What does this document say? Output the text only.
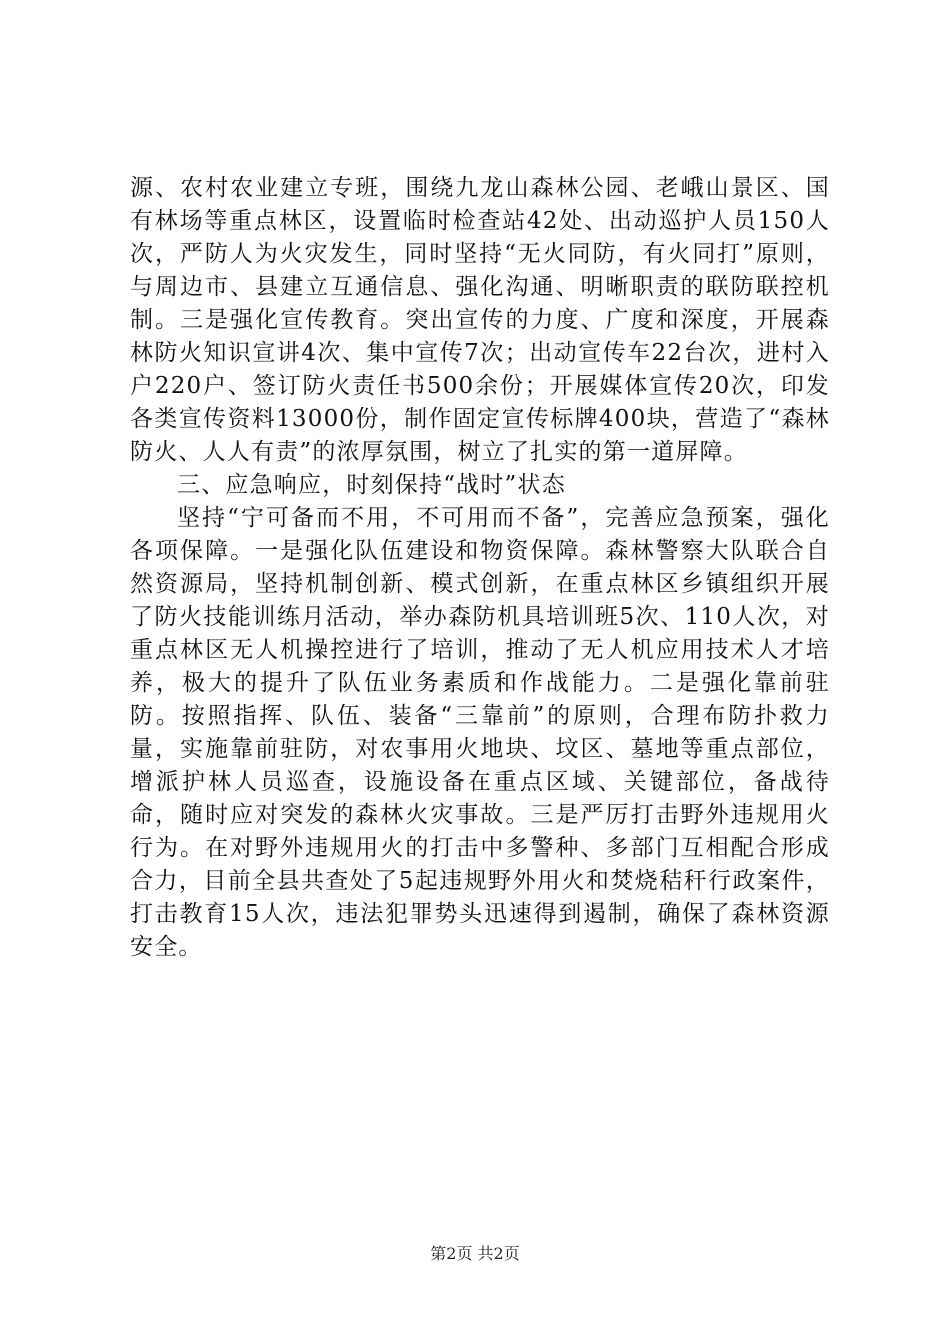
源、农村农业建立专班，围绕九龙山森林公园、老峨山景区、国有林场等重点林区，设置临时检查站42处、出动巡护人员150人次，严防人为火灾发生，同时坚持“无火同防，有火同打”原则，与周边市、县建立互通信息、强化沟通、明晰职责的联防联控机制。三是强化宣传教育。突出宣传的力度、广度和深度，开展森林防火知识宣讲4次、集中宣传7次；出动宣传车22台次，进村入户220户、签订防火责任书500余份；开展媒体宣传20次，印发各类宣传资料13000份，制作固定宣传标牌400块，营造了“森林防火、人人有责”的浓厚氛围，树立了扎实的第一道屏障。

三、应急响应，时刻保持“战时”状态

坚持“宁可备而不用，不可用而不备”，完善应急预案，强化各项保障。一是强化队伍建设和物资保障。森林警察大队联合自然资源局，坚持机制创新、模式创新，在重点林区乡镇组织开展了防火技能训练月活动，举办森防机具培训班5次、110人次，对重点林区无人机操控进行了培训，推动了无人机应用技术人才培养，极大的提升了队伍业务素质和作战能力。二是强化靠前驻防。按照指挥、队伍、装备“三靠前”的原则，合理布防扑救力量，实施靠前驻防，对农事用火地块、坟区、墓地等重点部位，增派护林人员巡查，设施设备在重点区域、关键部位，备战待命，随时应对突发的森林火灾事故。三是严厉打击野外违规用火行为。在对野外违规用火的打击中多警种、多部门互相配合形成合力，目前全县共查处了5起违规野外用火和焚烧秸秆行政案件，打击教育15人次，违法犯罪势头迅速得到遏制，确保了森林资源安全。

第2页 共2页
